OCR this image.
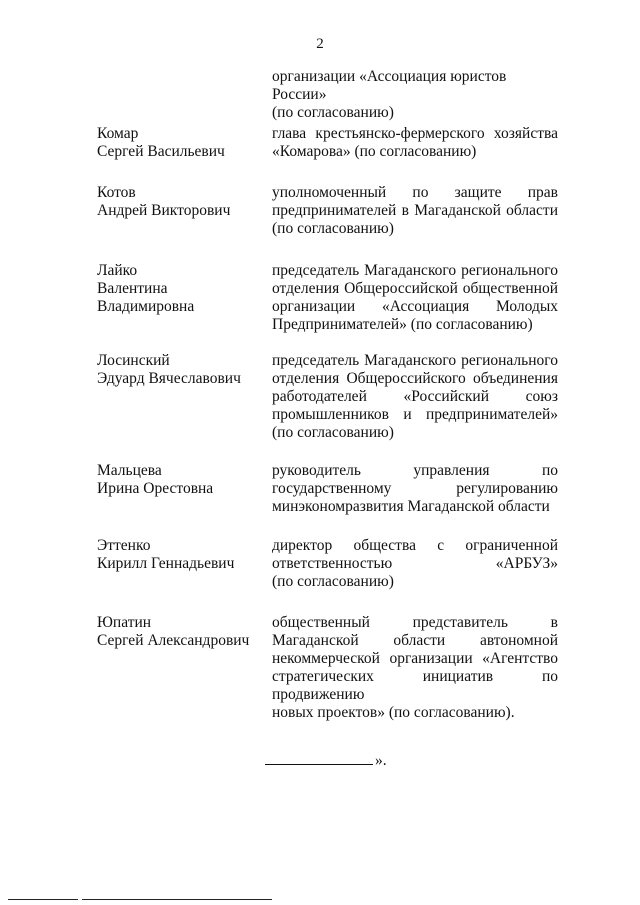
2
организации «Ассоциация юристов России»
(по согласованию)
Комар
Сергей Васильевич
глава крестьянско-фермерского хозяйства
«Комарова» (по согласованию)
Котов
Андрей Викторович
уполномоченный по защите прав
предпринимателей в Магаданской области
(по согласованию)
Лайко
Валентина
Владимировна
председатель Магаданского регионального
отделения Общероссийской общественной
организации «Ассоциация Молодых
Предпринимателей» (по согласованию)
Лосинский
Эдуард Вячеславович
председатель Магаданского регионального
отделения Общероссийского объединения
работодателей «Российский союз
промышленников и предпринимателей»
(по согласованию)
Мальцева
Ирина Орестовна
руководитель управления по
государственному регулированию
минэкономразвития Магаданской области
Эттенко
Кирилл Геннадьевич
директор общества с ограниченной
ответственностью «АРБУЗ»
(по согласованию)
Юпатин
Сергей Александрович
общественный представитель в
Магаданской области автономной
некоммерческой организации «Агентство
стратегических инициатив по продвижению
новых проектов» (по согласованию).
».
